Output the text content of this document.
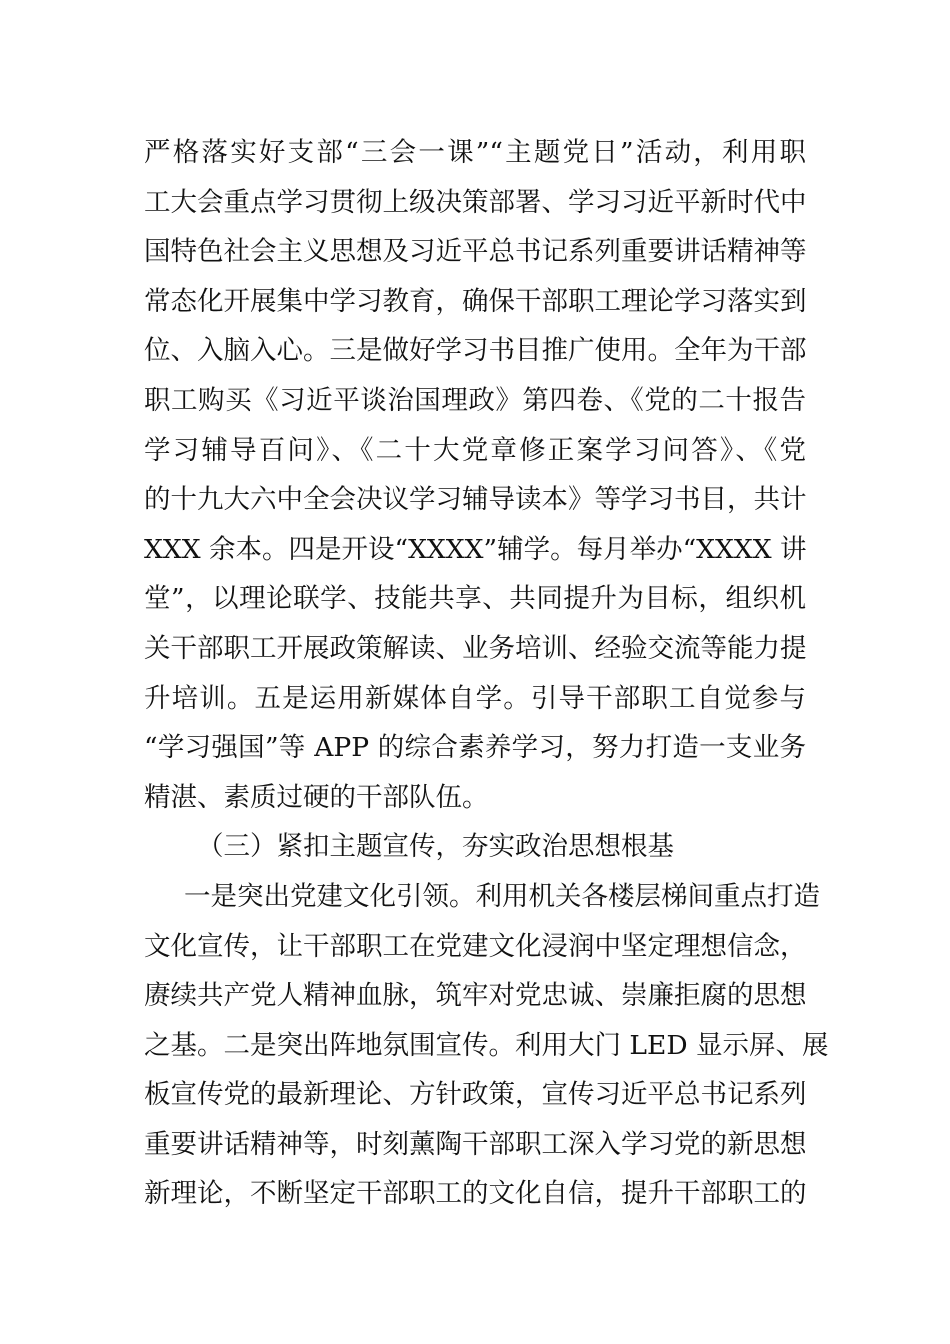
严格落实好支部“三会一课”“主题党日”活动，利用职
工大会重点学习贯彻上级决策部署、学习习近平新时代中
国特色社会主义思想及习近平总书记系列重要讲话精神等
常态化开展集中学习教育，确保干部职工理论学习落实到
位、入脑入心。三是做好学习书目推广使用。全年为干部
职工购买《习近平谈治国理政》第四卷、《党的二十报告
学习辅导百问》、《二十大党章修正案学习问答》、《党
的十九大六中全会决议学习辅导读本》等学习书目，共计
XXX 余本。四是开设“XXXX”辅学。每月举办“XXXX 讲
堂”，以理论联学、技能共享、共同提升为目标，组织机
关干部职工开展政策解读、业务培训、经验交流等能力提
升培训。五是运用新媒体自学。引导干部职工自觉参与
“学习强国”等 APP 的综合素养学习，努力打造一支业务
精湛、素质过硬的干部队伍。
（三）紧扣主题宣传，夯实政治思想根基
一是突出党建文化引领。利用机关各楼层梯间重点打造
文化宣传，让干部职工在党建文化浸润中坚定理想信念，
赓续共产党人精神血脉，筑牢对党忠诚、崇廉拒腐的思想
之基。二是突出阵地氛围宣传。利用大门 LED 显示屏、展
板宣传党的最新理论、方针政策，宣传习近平总书记系列
重要讲话精神等，时刻薰陶干部职工深入学习党的新思想
新理论，不断坚定干部职工的文化自信，提升干部职工的
